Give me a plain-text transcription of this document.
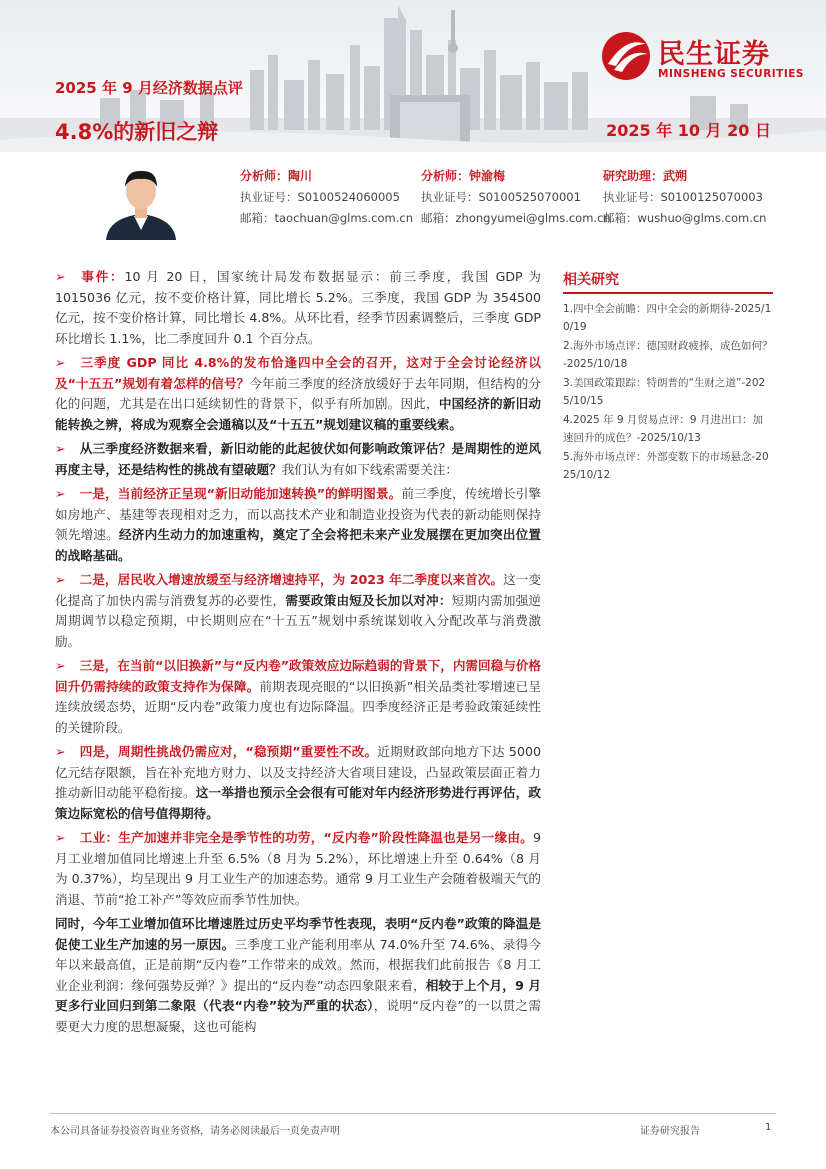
2025 年 9 月经济数据点评
4.8%的新旧之辩	2025 年 10 月 20 日
民生证券
MINSHENG SECURITIES
分析师：陶川
执业证号：S0100524060005
邮箱：taochuan@glms.com.cn
分析师：钟渝梅
执业证号：S0100525070001
邮箱：zhongyumei@glms.com.cn
研究助理：武朔
执业证号：S0100125070003
邮箱：wushuo@glms.com.cn

➢ 事件：10 月 20 日，国家统计局发布数据显示：前三季度，我国 GDP 为 1015036 亿元，按不变价格计算，同比增长 5.2%。三季度，我国 GDP 为 354500 亿元，按不变价格计算，同比增长 4.8%。从环比看，经季节因素调整后，三季度 GDP 环比增长 1.1%，比二季度回升 0.1 个百分点。

➢ 三季度 GDP 同比 4.8%的发布恰逢四中全会的召开，这对于全会讨论经济以及“十五五”规划有着怎样的信号？今年前三季度的经济放缓好于去年同期，但结构的分化的问题，尤其是在出口延续韧性的背景下，似乎有所加剧。因此，中国经济的新旧动能转换之辨，将成为观察全会通稿以及“十五五”规划建议稿的重要线索。

➢ 从三季度经济数据来看，新旧动能的此起彼伏如何影响政策评估？是周期性的逆风再度主导，还是结构性的挑战有望破题？我们认为有如下线索需要关注：

➢ 一是，当前经济正呈现“新旧动能加速转换”的鲜明图景。前三季度，传统增长引擎如房地产、基建等表现相对乏力，而以高技术产业和制造业投资为代表的新动能则保持领先增速。经济内生动力的加速重构，奠定了全会将把未来产业发展摆在更加突出位置的战略基础。

➢ 二是，居民收入增速放缓至与经济增速持平，为 2023 年二季度以来首次。这一变化提高了加快内需与消费复苏的必要性，需要政策由短及长加以对冲：短期内需加强逆周期调节以稳定预期，中长期则应在“十五五”规划中系统谋划收入分配改革与消费激励。

➢ 三是，在当前“以旧换新”与“反内卷”政策效应边际趋弱的背景下，内需回稳与价格回升仍需持续的政策支持作为保障。前期表现亮眼的“以旧换新”相关品类社零增速已呈连续放缓态势，近期“反内卷”政策力度也有边际降温。四季度经济正是考验政策延续性的关键阶段。

➢ 四是，周期性挑战仍需应对，“稳预期”重要性不改。近期财政部向地方下达 5000 亿元结存限额，旨在补充地方财力、以及支持经济大省项目建设，凸显政策层面正着力推动新旧动能平稳衔接。这一举措也预示全会很有可能对年内经济形势进行再评估，政策边际宽松的信号值得期待。

➢ 工业：生产加速并非完全是季节性的功劳，“反内卷”阶段性降温也是另一缘由。9 月工业增加值同比增速上升至 6.5%（8 月为 5.2%），环比增速上升至 0.64%（8 月为 0.37%），均呈现出 9 月工业生产的加速态势。通常 9 月工业生产会随着极端天气的消退、节前“抢工补产”等效应而季节性加快。

同时，今年工业增加值环比增速胜过历史平均季节性表现，表明“反内卷”政策的降温是促使工业生产加速的另一原因。三季度工业产能利用率从 74.0%升至 74.6%、录得今年以来最高值，正是前期“反内卷”工作带来的成效。然而，根据我们此前报告《8 月工业企业利润：缘何强势反弹？》提出的“反内卷”动态四象限来看，相较于上个月，9 月更多行业回归到第二象限（代表“内卷”较为严重的状态），说明“反内卷”的一以贯之需要更大力度的思想凝聚，这也可能构

相关研究
1.四中全会前瞻：四中全会的新期待-2025/10/19
2.海外市场点评：德国财政疲捧，成色如何？-2025/10/18
3.美国政策跟踪：特朗普的“生财之道”-2025/10/15
4.2025 年 9 月贸易点评：9 月进出口：加速回升的成色？-2025/10/13
5.海外市场点评：外部变数下的市场悬念-2025/10/12
本公司具备证券投资咨询业务资格，请务必阅读最后一页免责声明	证券研究报告	1
